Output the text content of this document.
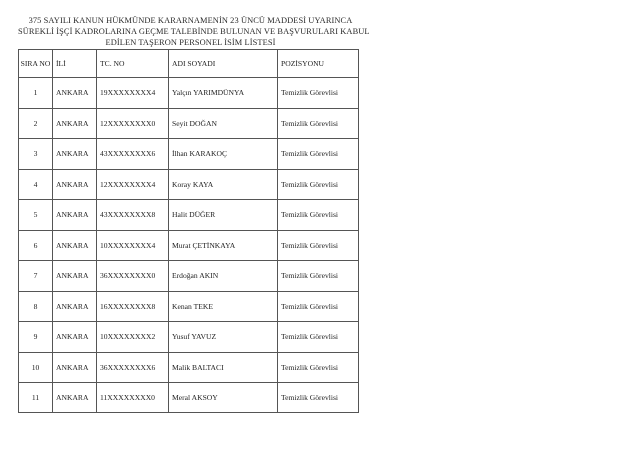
375 SAYILI KANUN HÜKMÜNDE KARARNAMENİN 23 ÜNCÜ MADDESİ UYARINCA
SÜREKLİ İŞÇİ KADROLARINA GEÇME TALEBİNDE BULUNAN VE BAŞVURULARI KABUL
EDİLEN TAŞERON PERSONEL İSİM LİSTESİ
SIRA NO	İLİ	TC. NO	ADI SOYADI	POZİSYONU
1	ANKARA	19XXXXXXXX4	Yalçın YARIMDÜNYA	Temizlik Görevlisi
2	ANKARA	12XXXXXXXX0	Seyit DOĞAN	Temizlik Görevlisi
3	ANKARA	43XXXXXXXX6	İlhan KARAKOÇ	Temizlik Görevlisi
4	ANKARA	12XXXXXXXX4	Koray KAYA	Temizlik Görevlisi
5	ANKARA	43XXXXXXXX8	Halit DÜĞER	Temizlik Görevlisi
6	ANKARA	10XXXXXXXX4	Murat ÇETİNKAYA	Temizlik Görevlisi
7	ANKARA	36XXXXXXXX0	Erdoğan AKIN	Temizlik Görevlisi
8	ANKARA	16XXXXXXXX8	Kenan TEKE	Temizlik Görevlisi
9	ANKARA	10XXXXXXXX2	Yusuf YAVUZ	Temizlik Görevlisi
10	ANKARA	36XXXXXXXX6	Malik BALTACI	Temizlik Görevlisi
11	ANKARA	11XXXXXXXX0	Meral AKSOY	Temizlik Görevlisi
